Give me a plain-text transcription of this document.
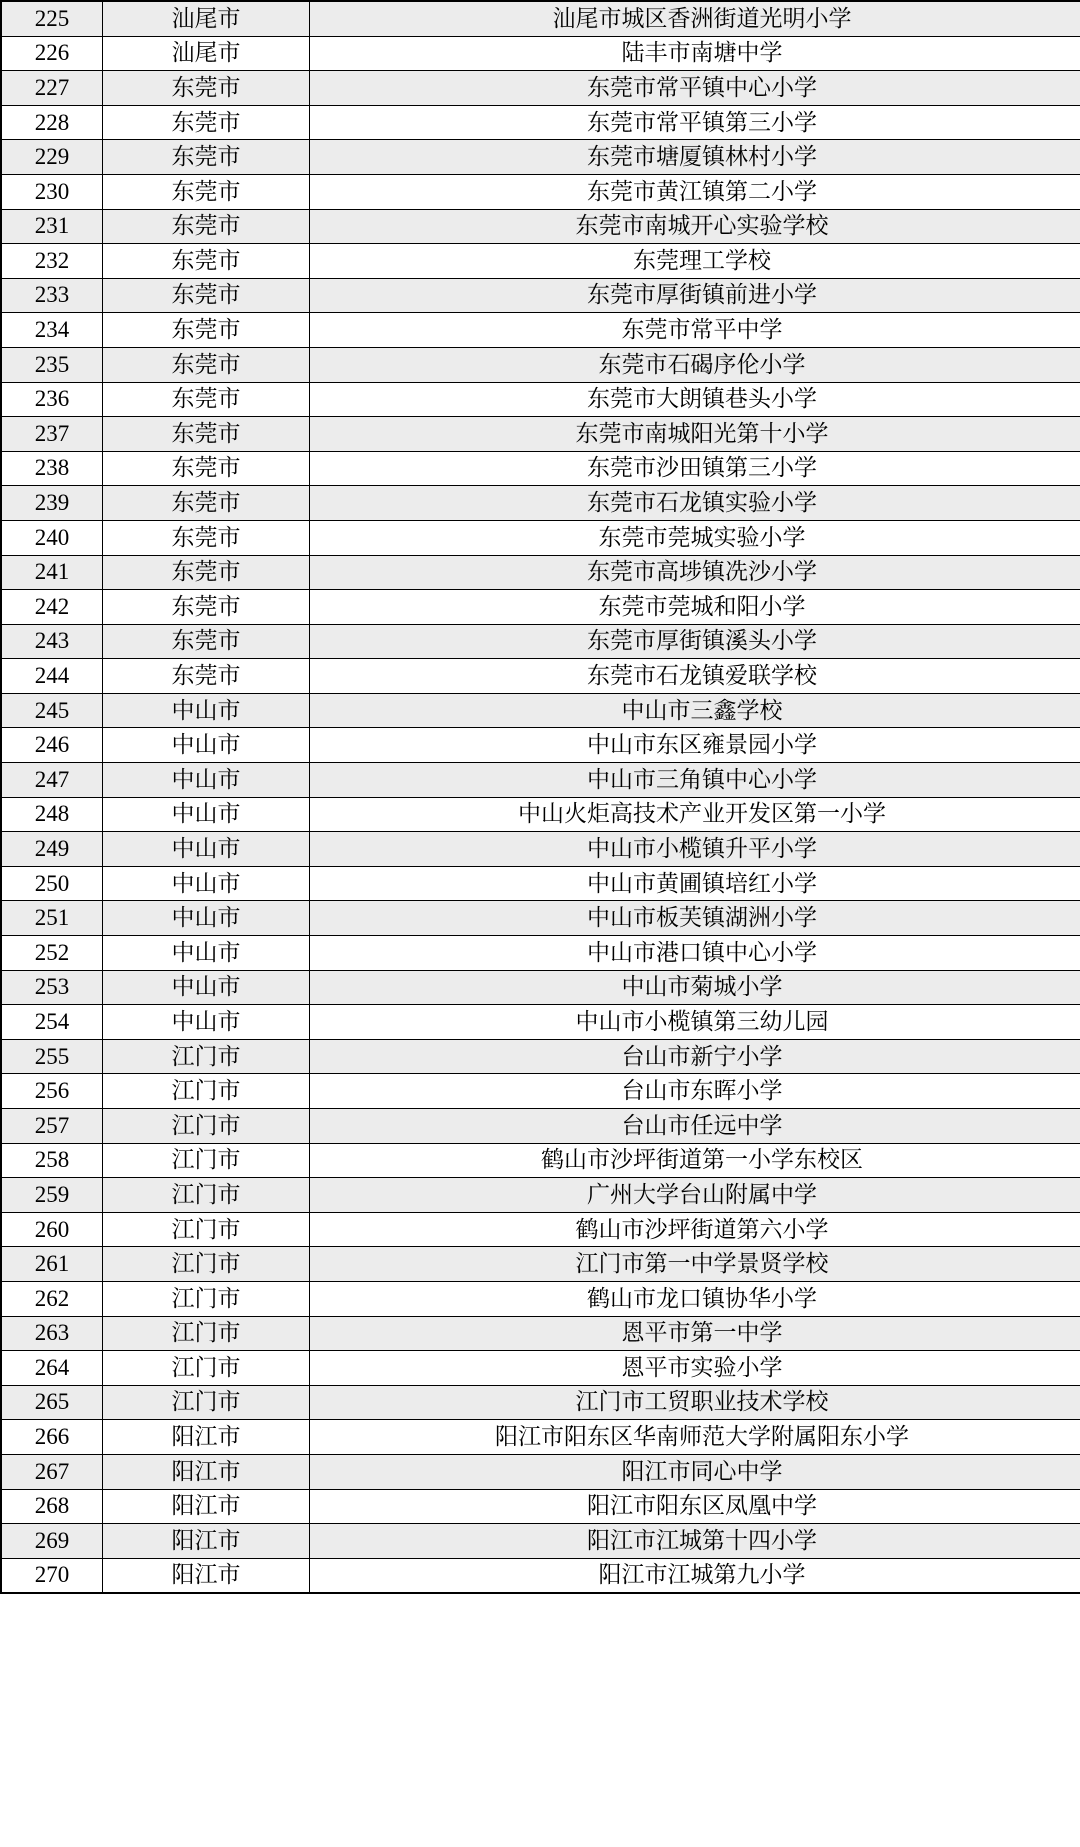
225	汕尾市	汕尾市城区香洲街道光明小学
226	汕尾市	陆丰市南塘中学
227	东莞市	东莞市常平镇中心小学
228	东莞市	东莞市常平镇第三小学
229	东莞市	东莞市塘厦镇林村小学
230	东莞市	东莞市黄江镇第二小学
231	东莞市	东莞市南城开心实验学校
232	东莞市	东莞理工学校
233	东莞市	东莞市厚街镇前进小学
234	东莞市	东莞市常平中学
235	东莞市	东莞市石碣序伦小学
236	东莞市	东莞市大朗镇巷头小学
237	东莞市	东莞市南城阳光第十小学
238	东莞市	东莞市沙田镇第三小学
239	东莞市	东莞市石龙镇实验小学
240	东莞市	东莞市莞城实验小学
241	东莞市	东莞市高埗镇冼沙小学
242	东莞市	东莞市莞城和阳小学
243	东莞市	东莞市厚街镇溪头小学
244	东莞市	东莞市石龙镇爱联学校
245	中山市	中山市三鑫学校
246	中山市	中山市东区雍景园小学
247	中山市	中山市三角镇中心小学
248	中山市	中山火炬高技术产业开发区第一小学
249	中山市	中山市小榄镇升平小学
250	中山市	中山市黄圃镇培红小学
251	中山市	中山市板芙镇湖洲小学
252	中山市	中山市港口镇中心小学
253	中山市	中山市菊城小学
254	中山市	中山市小榄镇第三幼儿园
255	江门市	台山市新宁小学
256	江门市	台山市东晖小学
257	江门市	台山市任远中学
258	江门市	鹤山市沙坪街道第一小学东校区
259	江门市	广州大学台山附属中学
260	江门市	鹤山市沙坪街道第六小学
261	江门市	江门市第一中学景贤学校
262	江门市	鹤山市龙口镇协华小学
263	江门市	恩平市第一中学
264	江门市	恩平市实验小学
265	江门市	江门市工贸职业技术学校
266	阳江市	阳江市阳东区华南师范大学附属阳东小学
267	阳江市	阳江市同心中学
268	阳江市	阳江市阳东区凤凰中学
269	阳江市	阳江市江城第十四小学
270	阳江市	阳江市江城第九小学
